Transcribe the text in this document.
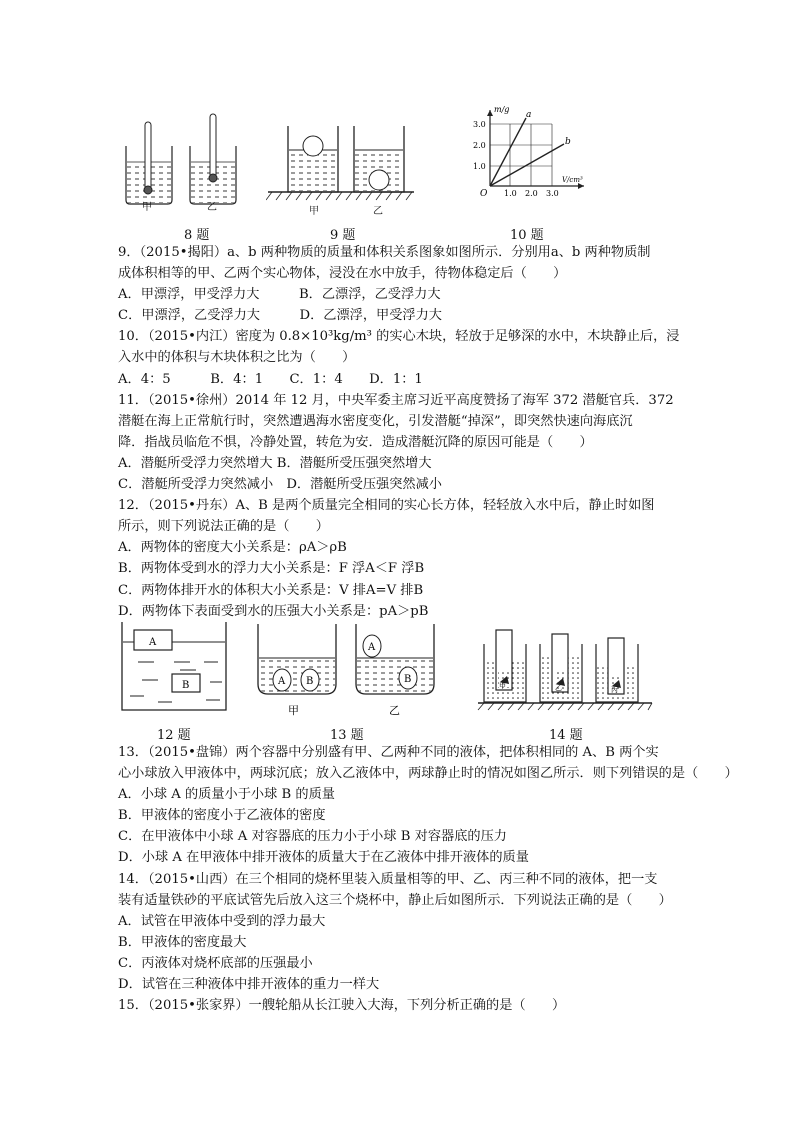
甲	乙	甲	乙
m/g
V/cm³
O
3.0
2.0
1.0
1.0 2.0 3.0
a
b
8 题	9 题	10 题
9．（2015•揭阳）a、b 两种物质的质量和体积关系图象如图所示．分别用a、b 两种物质制
成体积相等的甲、乙两个实心物体，浸没在水中放手，待物体稳定后（　　）
A．甲漂浮，甲受浮力大　　　B．乙漂浮，乙受浮力大
C．甲漂浮，乙受浮力大　　　D．乙漂浮，甲受浮力大
10．（2015•内江）密度为 0.8×10³kg/m³ 的实心木块，轻放于足够深的水中，木块静止后，浸
入水中的体积与木块体积之比为（　　）
A．4：5　　　B．4：1　　C．1：4　　D．1：1
11．（2015•徐州）2014 年 12 月，中央军委主席习近平高度赞扬了海军 372 潜艇官兵．372
潜艇在海上正常航行时，突然遭遇海水密度变化，引发潜艇“掉深”，即突然快速向海底沉
降．指战员临危不惧，冷静处置，转危为安．造成潜艇沉降的原因可能是（　　）
A．潜艇所受浮力突然增大 B．潜艇所受压强突然增大
C．潜艇所受浮力突然减小　D．潜艇所受压强突然减小
12．（2015•丹东）A、B 是两个质量完全相同的实心长方体，轻轻放入水中后，静止时如图
所示，则下列说法正确的是（　　）
A．两物体的密度大小关系是：ρA＞ρB
B．两物体受到水的浮力大小关系是：F 浮A＜F 浮B
C．两物体排开水的体积大小关系是：V 排A=V 排B
D．两物体下表面受到水的压强大小关系是：pA＞pB
A
B	A B
A
B
甲	乙
甲	乙	丙
12 题	13 题	14 题
13．（2015•盘锦）两个容器中分别盛有甲、乙两种不同的液体，把体积相同的 A、B 两个实
心小球放入甲液体中，两球沉底；放入乙液体中，两球静止时的情况如图乙所示．则下列错误的是（　　）
A．小球 A 的质量小于小球 B 的质量
B．甲液体的密度小于乙液体的密度
C．在甲液体中小球 A 对容器底的压力小于小球 B 对容器底的压力
D．小球 A 在甲液体中排开液体的质量大于在乙液体中排开液体的质量
14．（2015•山西）在三个相同的烧杯里装入质量相等的甲、乙、丙三种不同的液体，把一支
装有适量铁砂的平底试管先后放入这三个烧杯中，静止后如图所示．下列说法正确的是（　　）
A．试管在甲液体中受到的浮力最大
B．甲液体的密度最大
C．丙液体对烧杯底部的压强最小
D．试管在三种液体中排开液体的重力一样大
15．（2015•张家界）一艘轮船从长江驶入大海，下列分析正确的是（　　）
